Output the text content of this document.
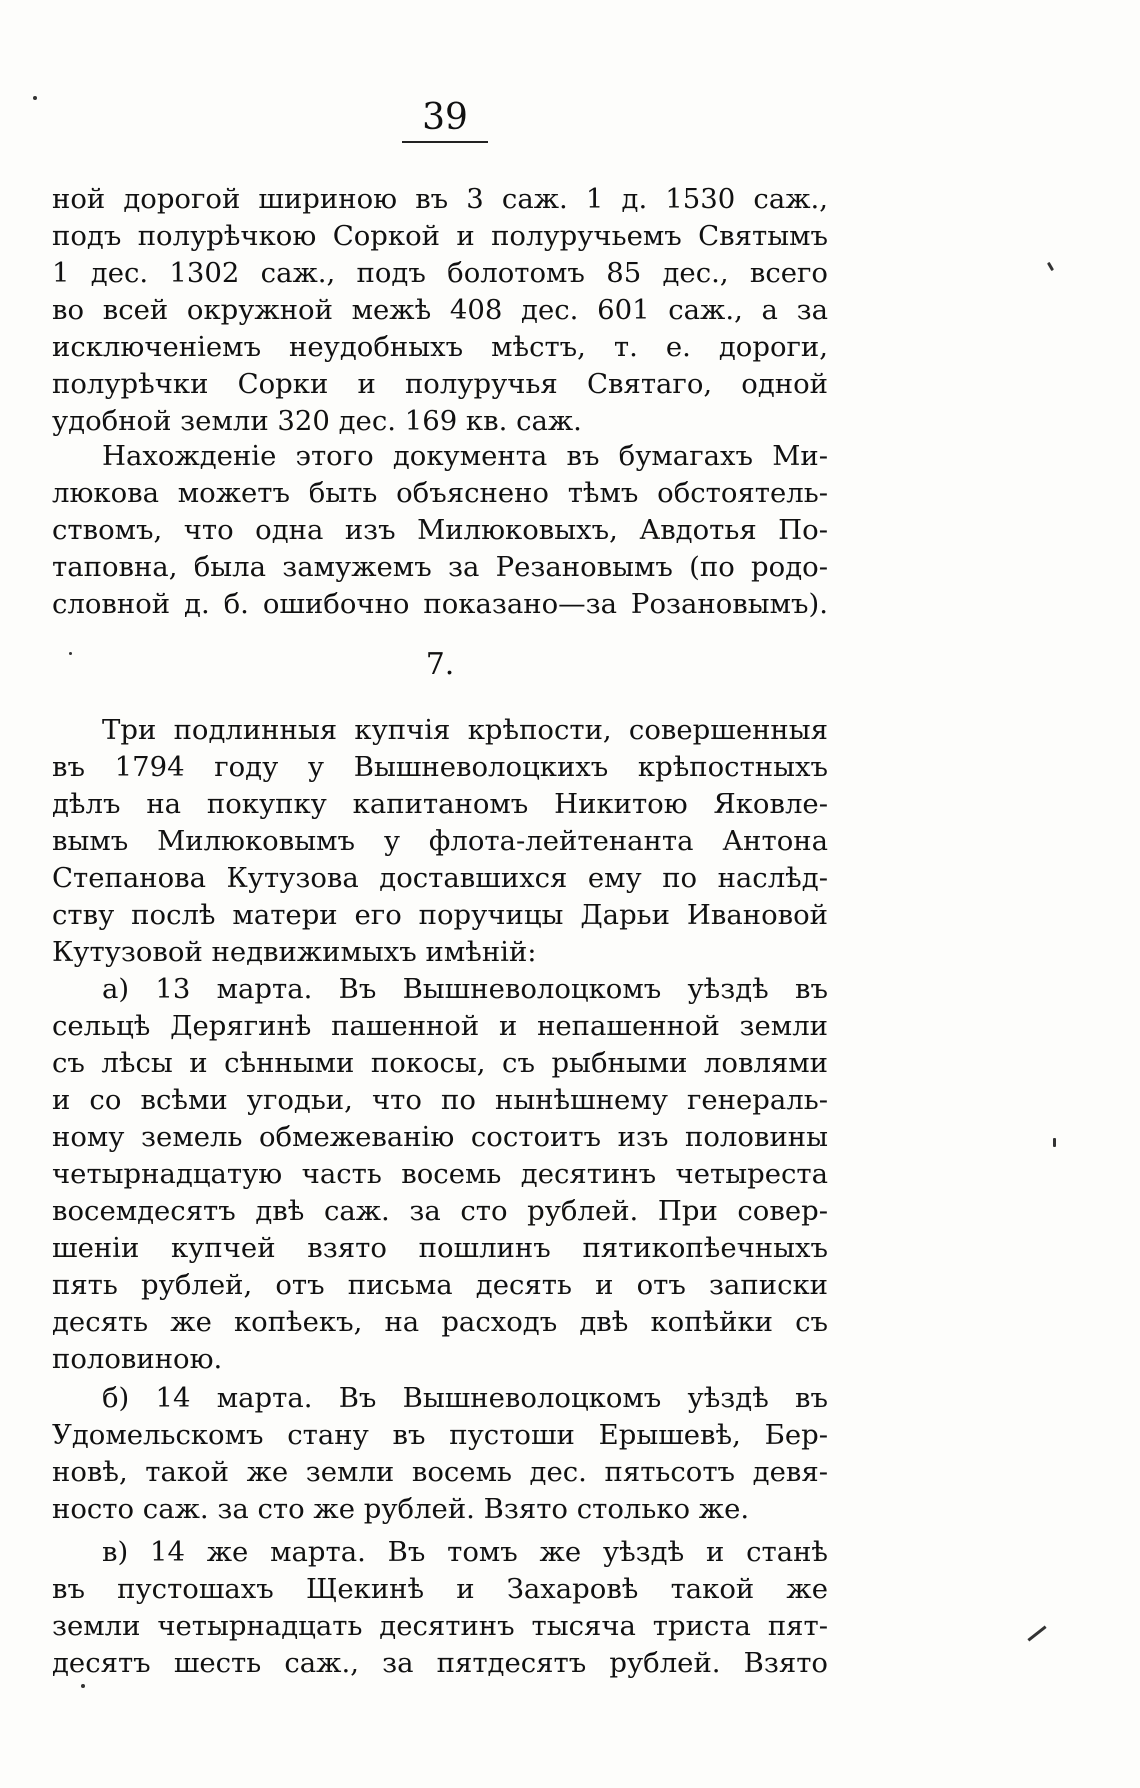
39
ной дорогой шириною въ 3 саж. 1 д. 1530 саж.,
подъ полурѣчкою Соркой и полуручьемъ Святымъ
1 дес. 1302 саж., подъ болотомъ 85 дес., всего
во всей окружной межѣ 408 дес. 601 саж., а за
исключеніемъ неудобныхъ мѣстъ, т. е. дороги,
полурѣчки Сорки и полуручья Святаго, одной
удобной земли 320 дес. 169 кв. саж.
Нахожденіе этого документа въ бумагахъ Ми-
люкова можетъ быть объяснено тѣмъ обстоятель-
ствомъ, что одна изъ Милюковыхъ, Авдотья По-
таповна, была замужемъ за Резановымъ (по родо-
словной д. б. ошибочно показано—за Розановымъ).
7.
Три подлинныя купчія крѣпости, совершенныя
въ 1794 году у Вышневолоцкихъ крѣпостныхъ
дѣлъ на покупку капитаномъ Никитою Яковле-
вымъ Милюковымъ у флота-лейтенанта Антона
Степанова Кутузова доставшихся ему по наслѣд-
ству послѣ матери его поручицы Дарьи Ивановой
Кутузовой недвижимыхъ имѣній:
а) 13 марта. Въ Вышневолоцкомъ уѣздѣ въ
сельцѣ Дерягинѣ пашенной и непашенной земли
съ лѣсы и сѣнными покосы, съ рыбными ловлями
и со всѣми угодьи, что по нынѣшнему генераль-
ному земель обмежеванію состоитъ изъ половины
четырнадцатую часть восемь десятинъ четыреста
восемдесятъ двѣ саж. за сто рублей. При совер-
шеніи купчей взято пошлинъ пятикопѣечныхъ
пять рублей, отъ письма десять и отъ записки
десять же копѣекъ, на расходъ двѣ копѣйки съ
половиною.
б) 14 марта. Въ Вышневолоцкомъ уѣздѣ въ
Удомельскомъ стану въ пустоши Ерышевѣ, Бер-
новѣ, такой же земли восемь дес. пятьсотъ девя-
носто саж. за сто же рублей. Взято столько же.
в) 14 же марта. Въ томъ же уѣздѣ и станѣ
въ пустошахъ Щекинѣ и Захаровѣ такой же
земли четырнадцать десятинъ тысяча триста пят-
десятъ шесть саж., за пятдесятъ рублей. Взято
